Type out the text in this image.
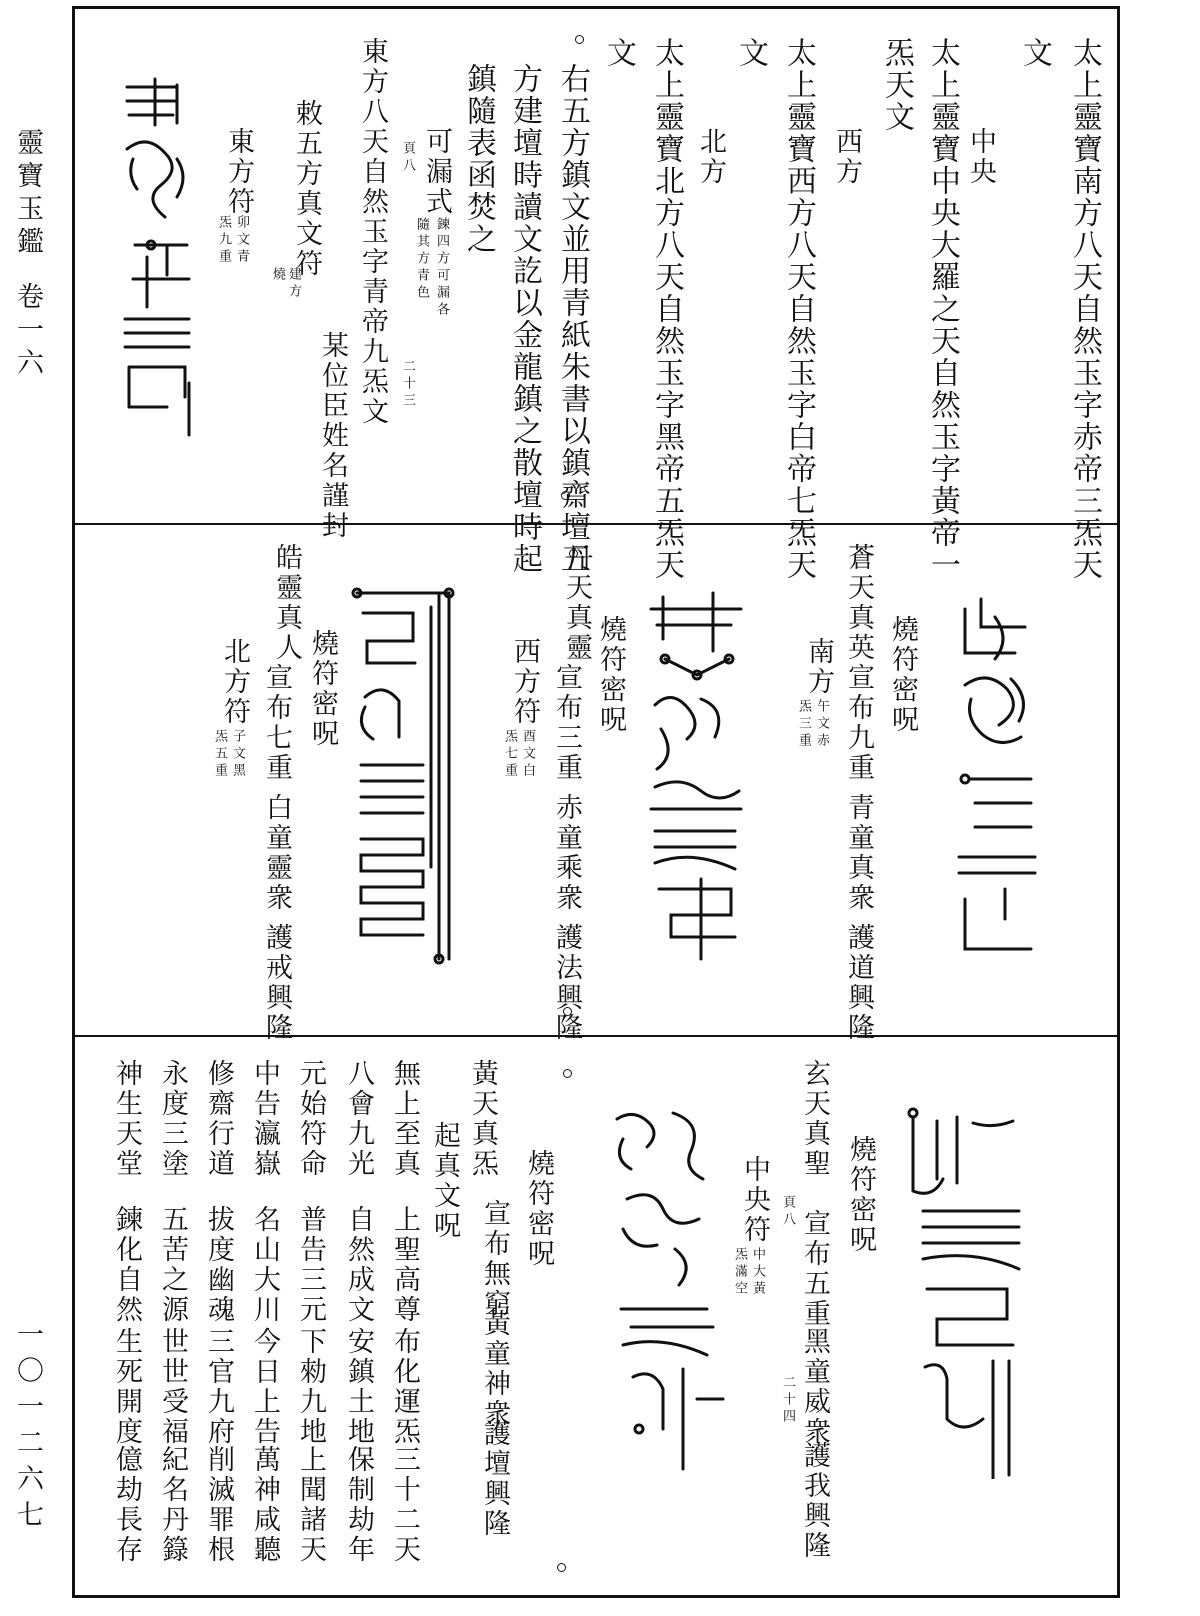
靈寶玉鑑
卷一六
一〇一二六七
太上靈寶南方八天自然玉字赤帝三炁天
文
中央
太上靈寶中央大羅之天自然玉字黃帝一
炁天文
西方
太上靈寶西方八天自然玉字白帝七炁天
文
北方
太上靈寶北方八天自然玉字黑帝五炁天
文
右五方鎮文並用青紙朱書以鎮齋壇五
方建壇時讀文訖以金龍鎮之散壇時起
鎮隨表函焚之
可漏式
鍊四方可漏各
隨其方青色
二十三
頁八
東方八天自然玉字青帝九炁文
某位臣姓名謹封
敕五方真文符
建方
燒
東方符
卯文青
炁九重
蒼天真英
燒符密呪
宣布九重
青童真衆
護道興隆
南方
午文赤
炁三重
丹天真靈
燒符密呪
宣布三重
赤童乘衆
護法興隆
西方符
酉文白
炁七重
皓靈真人
燒符密呪
宣布七重
白童靈衆
護戒興隆
北方符
子文黑
炁五重
玄天真聖
燒符密呪
宣布五重
黑童威衆
護我興隆
中央符
中大黃
炁滿空
二十四
頁八
黃天真炁
燒符密呪
宣布無窮
黃童神衆
護壇興隆
起真文呪
無上至真
上聖高尊
布化運炁
三十二天
八會九光
自然成文
安鎮土地
保制劫年
元始符命
普告三元
下勑九地
上聞諸天
中告瀛嶽
名山大川
今日上告
萬神咸聽
修齋行道
拔度幽魂
三官九府
削滅罪根
永度三塗
五苦之源
世世受福
紀名丹籙
神生天堂
鍊化自然
生死開度
億劫長存
